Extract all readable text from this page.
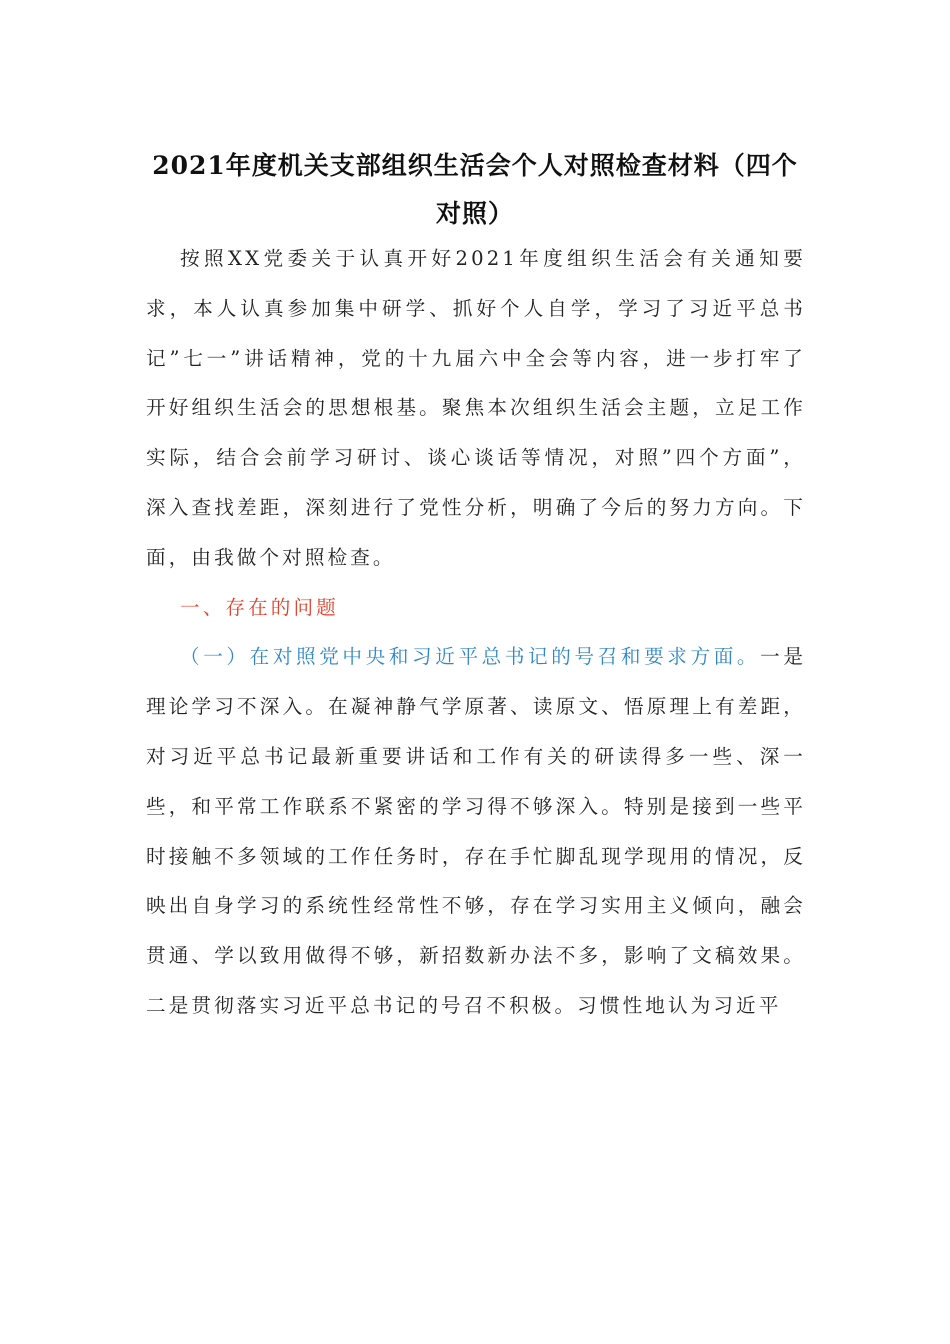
2021年度机关支部组织生活会个人对照检查材料（四个对照）

按照XX党委关于认真开好2021年度组织生活会有关通知要求，本人认真参加集中研学、抓好个人自学，学习了习近平总书记”七一”讲话精神，党的十九届六中全会等内容，进一步打牢了开好组织生活会的思想根基。聚焦本次组织生活会主题，立足工作实际，结合会前学习研讨、谈心谈话等情况，对照”四个方面”，深入查找差距，深刻进行了党性分析，明确了今后的努力方向。下面，由我做个对照检查。

一、存在的问题

（一）在对照党中央和习近平总书记的号召和要求方面。一是理论学习不深入。在凝神静气学原著、读原文、悟原理上有差距，对习近平总书记最新重要讲话和工作有关的研读得多一些、深一些，和平常工作联系不紧密的学习得不够深入。特别是接到一些平时接触不多领域的工作任务时，存在手忙脚乱现学现用的情况，反映出自身学习的系统性经常性不够，存在学习实用主义倾向，融会贯通、学以致用做得不够，新招数新办法不多，影响了文稿效果。二是贯彻落实习近平总书记的号召不积极。习惯性地认为习近平
